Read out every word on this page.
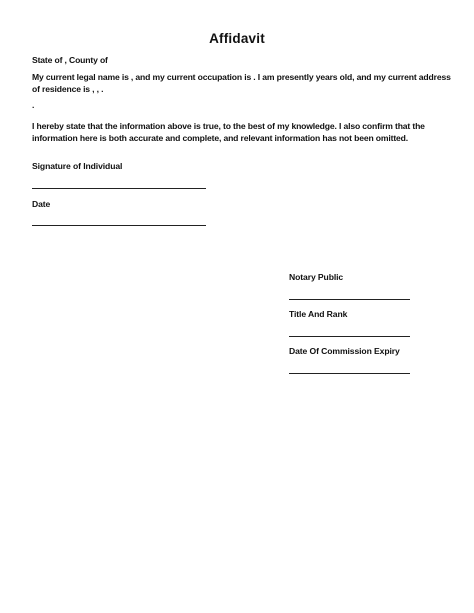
Affidavit
State of , County of
My current legal name is , and my current occupation is . I am presently years old, and my current address of residence is , , .
.
I hereby state that the information above is true, to the best of my knowledge. I also confirm that the information here is both accurate and complete, and relevant information has not been omitted.
Signature of Individual
Date
Notary Public
Title And Rank
Date Of Commission Expiry
